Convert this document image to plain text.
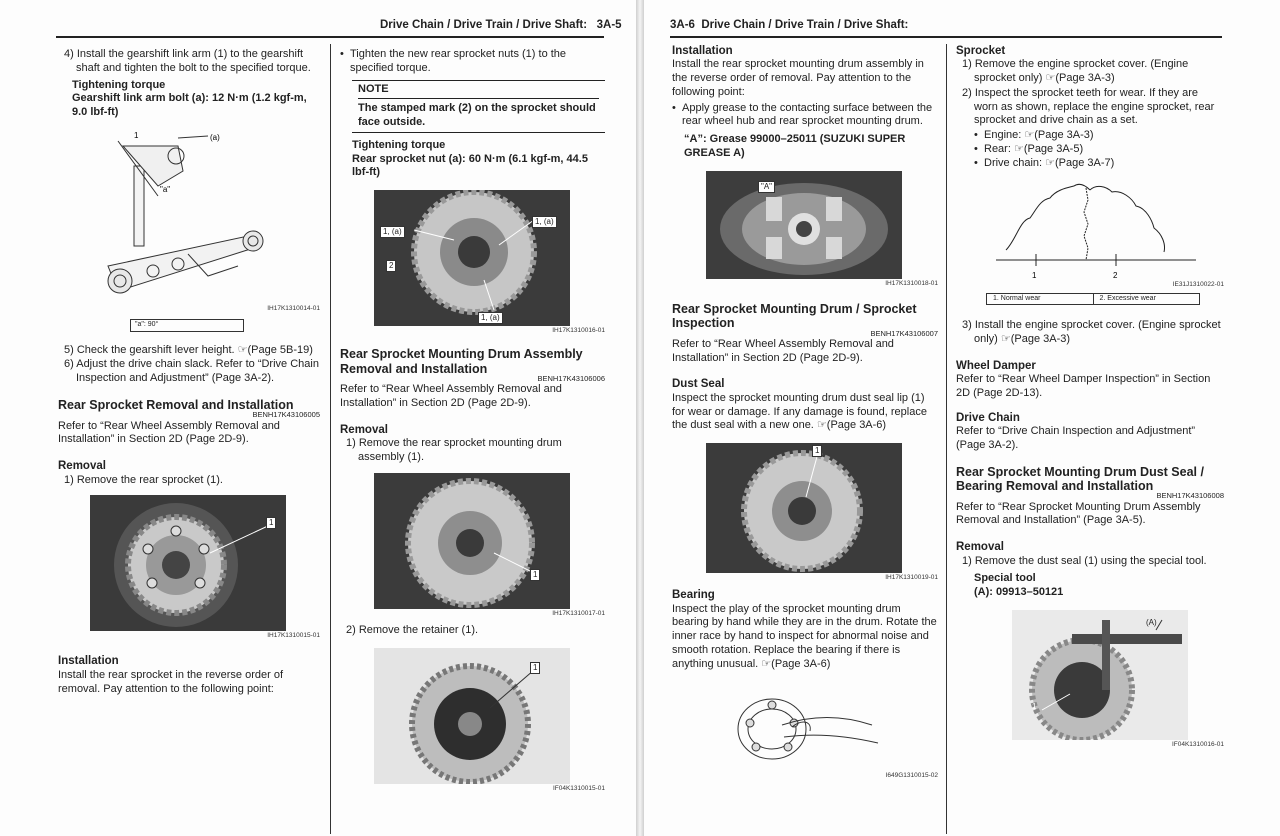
Drive Chain / Drive Train / Drive Shaft: 3A-5

4) Install the gearshift link arm (1) to the gearshift shaft and tighten the bolt to the specified torque.

Tightening torque

Gearshift link arm bolt (a): 12 N·m (1.2 kgf-m, 9.0 lbf-ft)

1	(a)
"a"

IH17K1310014-01

"a": 90°

5) Check the gearshift lever height. ☞(Page 5B-19)

6) Adjust the drive chain slack. Refer to “Drive Chain Inspection and Adjustment” (Page 3A-2).

Rear Sprocket Removal and Installation

BENH17K43106005

Refer to “Rear Wheel Assembly Removal and Installation” in Section 2D (Page 2D-9).

Removal

1) Remove the rear sprocket (1).

1

IH17K1310015-01

Installation

Install the rear sprocket in the reverse order of removal. Pay attention to the following point:

• Tighten the new rear sprocket nuts (1) to the specified torque.

NOTE

The stamped mark (2) on the sprocket should face outside.

Tightening torque

Rear sprocket nut (a): 60 N·m (6.1 kgf-m, 44.5 lbf-ft)

1, (a)
1, (a)
1, (a)
2

IH17K1310016-01

Rear Sprocket Mounting Drum Assembly Removal and Installation

BENH17K43106006

Refer to “Rear Wheel Assembly Removal and Installation” in Section 2D (Page 2D-9).

Removal

1) Remove the rear sprocket mounting drum assembly (1).

1

IH17K1310017-01

2) Remove the retainer (1).

1

IF04K1310015-01

3A-6 Drive Chain / Drive Train / Drive Shaft:

Installation

Install the rear sprocket mounting drum assembly in the reverse order of removal. Pay attention to the following point:

• Apply grease to the contacting surface between the rear wheel hub and rear sprocket mounting drum.

“A”: Grease 99000–25011 (SUZUKI SUPER GREASE A)

"A"

IH17K1310018-01

Rear Sprocket Mounting Drum / Sprocket Inspection

BENH17K43106007

Refer to “Rear Wheel Assembly Removal and Installation” in Section 2D (Page 2D-9).

Dust Seal

Inspect the sprocket mounting drum dust seal lip (1) for wear or damage. If any damage is found, replace the dust seal with a new one. ☞(Page 3A-6)

1

IH17K1310019-01

Bearing

Inspect the play of the sprocket mounting drum bearing by hand while they are in the drum. Rotate the inner race by hand to inspect for abnormal noise and smooth rotation. Replace the bearing if there is anything unusual. ☞(Page 3A-6)

I649G1310015-02

Sprocket

1) Remove the engine sprocket cover. (Engine sprocket only) ☞(Page 3A-3)

2) Inspect the sprocket teeth for wear. If they are worn as shown, replace the engine sprocket, rear sprocket and drive chain as a set.

• Engine: ☞(Page 3A-3)

• Rear: ☞(Page 3A-5)

• Drive chain: ☞(Page 3A-7)

1	2

IE31J1310022-01

1. Normal wear	2. Excessive wear

3) Install the engine sprocket cover. (Engine sprocket only) ☞(Page 3A-3)

Wheel Damper

Refer to “Rear Wheel Damper Inspection” in Section 2D (Page 2D-13).

Drive Chain

Refer to “Drive Chain Inspection and Adjustment” (Page 3A-2).

Rear Sprocket Mounting Drum Dust Seal / Bearing Removal and Installation

BENH17K43106008

Refer to “Rear Sprocket Mounting Drum Assembly Removal and Installation” (Page 3A-5).

Removal

1) Remove the dust seal (1) using the special tool.

Special tool

(A): 09913–50121

(A)
1

IF04K1310016-01
